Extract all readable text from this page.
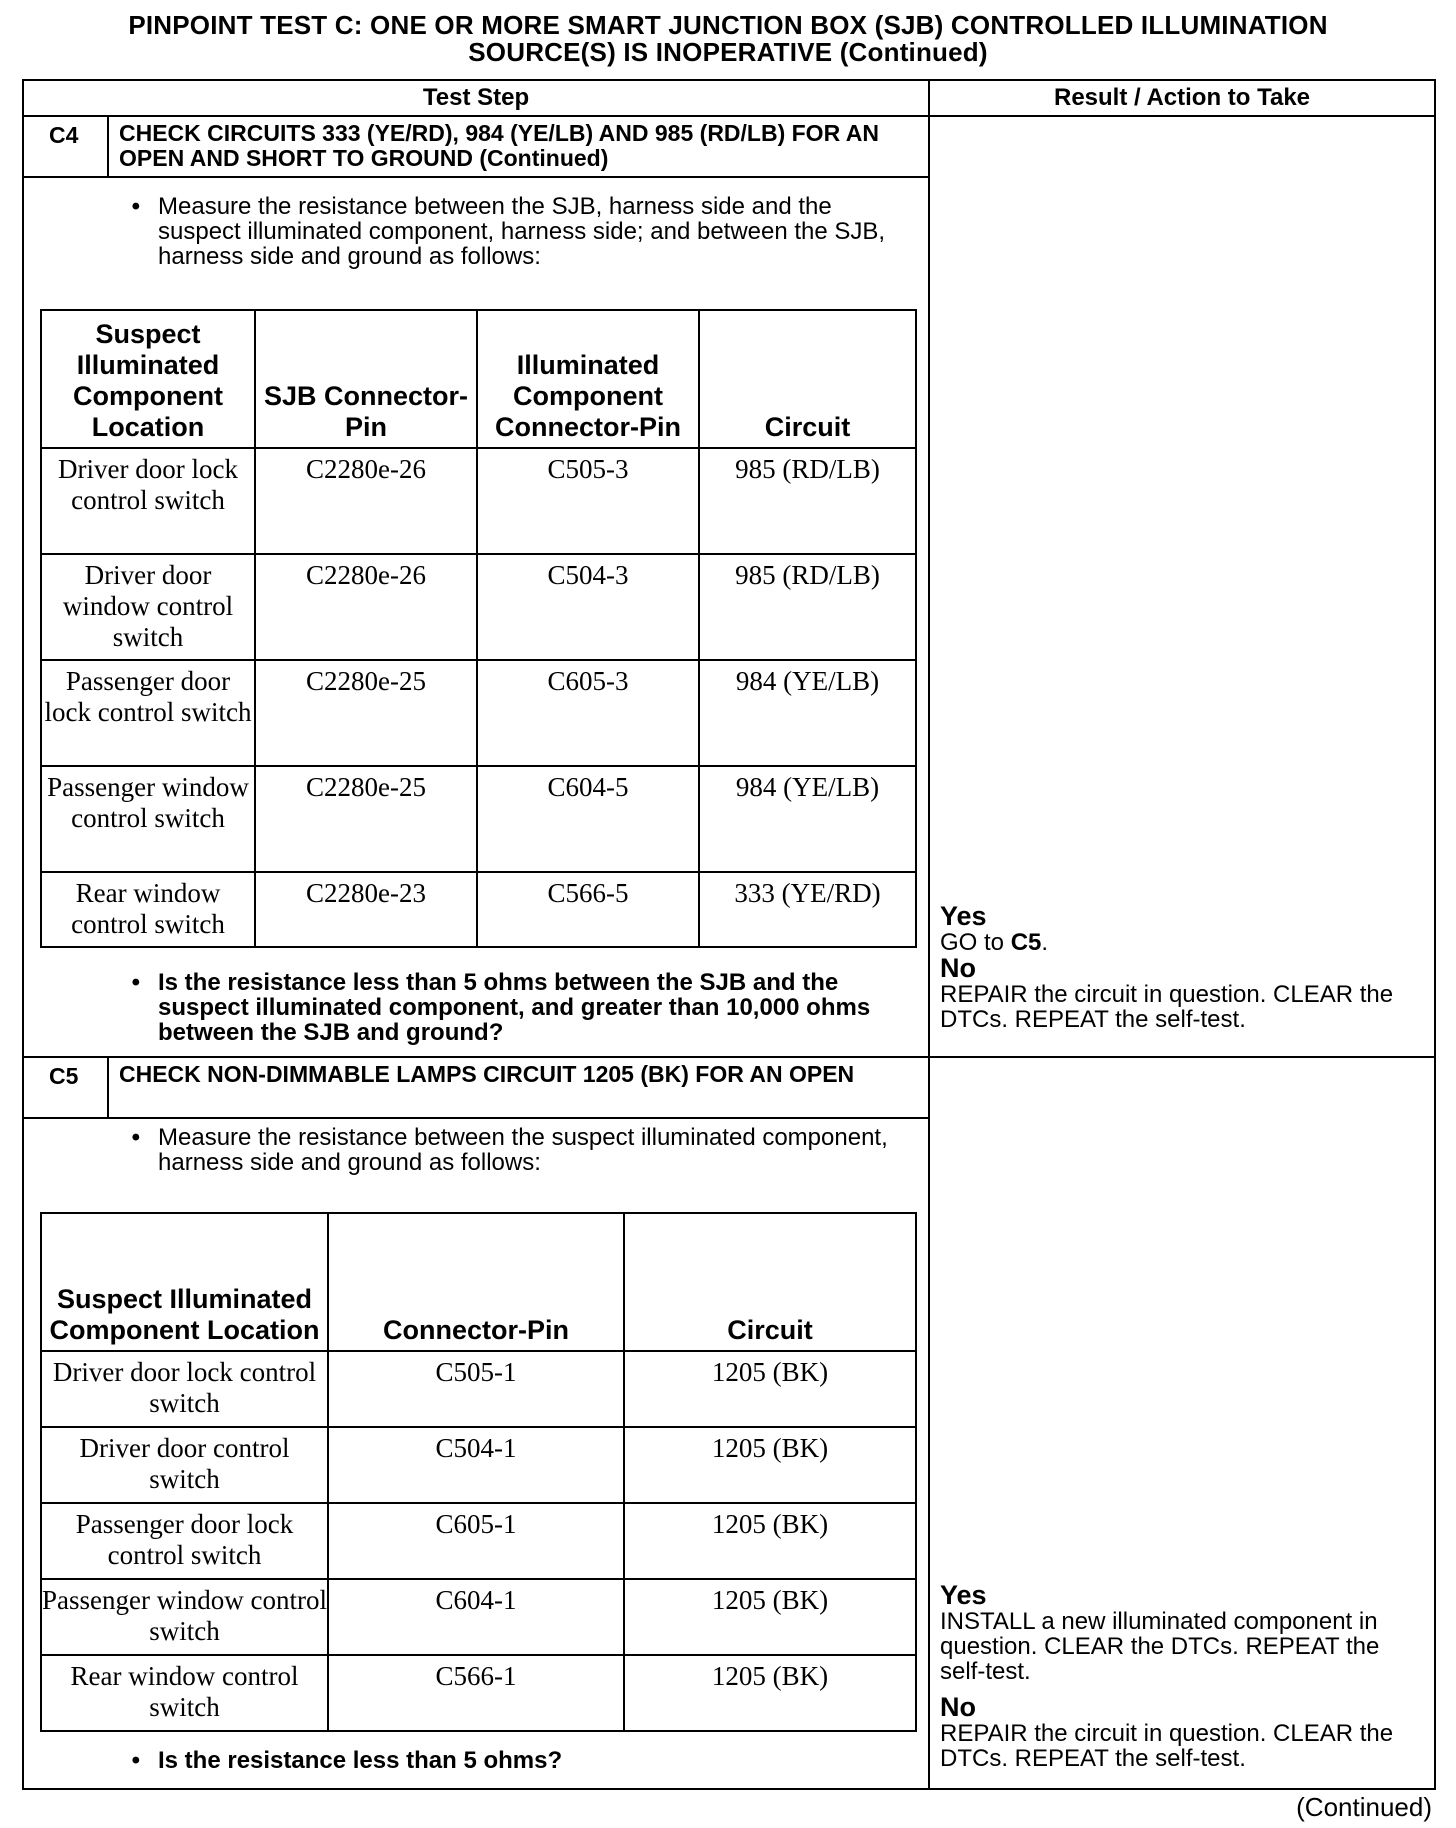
PINPOINT TEST C: ONE OR MORE SMART JUNCTION BOX (SJB) CONTROLLED ILLUMINATION
SOURCE(S) IS INOPERATIVE (Continued)
Test Step	Result / Action to Take

C4	CHECK CIRCUITS 333 (YE/RD), 984 (YE/LB) AND 985 (RD/LB) FOR AN OPEN AND SHORT TO GROUND (Continued)
• Measure the resistance between the SJB, harness side and the suspect illuminated component, harness side; and between the SJB, harness side and ground as follows:
Suspect Illuminated Component Location	SJB Connector-Pin	Illuminated Component Connector-Pin	Circuit
Driver door lock control switch	C2280e-26	C505-3	985 (RD/LB)
Driver door window control switch	C2280e-26	C504-3	985 (RD/LB)
Passenger door lock control switch	C2280e-25	C605-3	984 (YE/LB)
Passenger window control switch	C2280e-25	C604-5	984 (YE/LB)
Rear window control switch	C2280e-23	C566-5	333 (YE/RD)
• Is the resistance less than 5 ohms between the SJB and the suspect illuminated component, and greater than 10,000 ohms between the SJB and ground?

Yes
GO to C5.
No
REPAIR the circuit in question. CLEAR the DTCs. REPEAT the self-test.

C5	CHECK NON-DIMMABLE LAMPS CIRCUIT 1205 (BK) FOR AN OPEN
• Measure the resistance between the suspect illuminated component, harness side and ground as follows:
Suspect Illuminated Component Location	Connector-Pin	Circuit
Driver door lock control switch	C505-1	1205 (BK)
Driver door control switch	C504-1	1205 (BK)
Passenger door lock control switch	C605-1	1205 (BK)
Passenger window control switch	C604-1	1205 (BK)
Rear window control switch	C566-1	1205 (BK)
• Is the resistance less than 5 ohms?

Yes
INSTALL a new illuminated component in question. CLEAR the DTCs. REPEAT the self-test.
No
REPAIR the circuit in question. CLEAR the DTCs. REPEAT the self-test.
(Continued)
